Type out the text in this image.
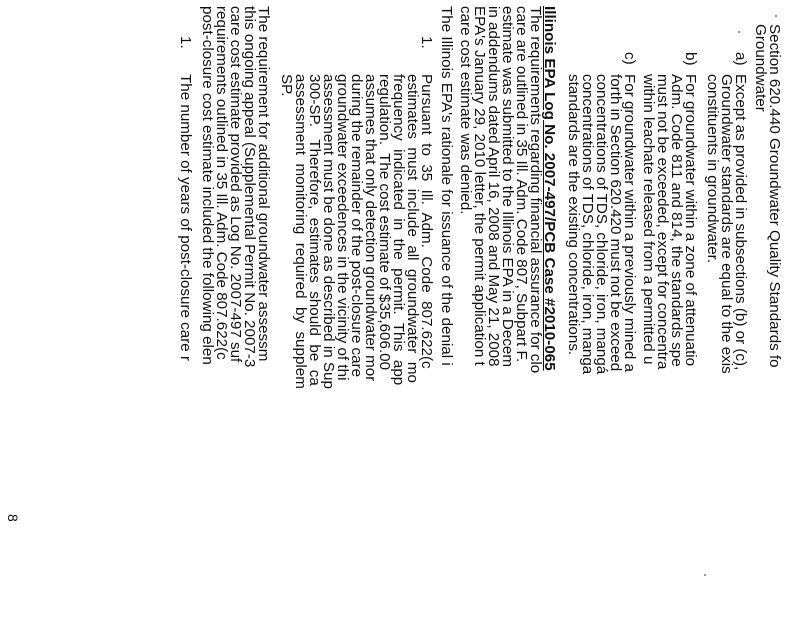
Section 620.440 Groundwater Quality Standards fo
Groundwater
a)
Except as provided in subsections (b) or (c),
Groundwater standards are equal to the exis
constituents in groundwater.
b)
For groundwater within a zone of attenuatio
Adm. Code 811 and 814, the standards spe
must not be exceeded, except for concentra
within leachate released from a permitted u
c)
For groundwater within a previously mined a
forth in Section 620.420 must not be exceed
concentrations of TDS, chloride, iron, mangá
concentrations of TDS, chloride, iron, manga
standards are the existing concentrations.
Illinois EPA Log No. 2007-497/PCB Case #2010-065
The requirements regarding financial assurance for clo
care are outlined in 35 Ill. Adm. Code 807, Subpart F.
estimate was submitted to the Illinois EPA in a Decem
in addendums dated April 16, 2008 and May 21, 2008
EPA's January 29, 2010 letter, the permit application t
care cost estimate was denied.
The Illinois EPA's rationale for issuance of the denial i
1.
Pursuant  to  35  Ill.  Adm.  Code  807.622(c
estimates  must  include  all  groundwater  mo
frequency  indicated  in  the  permit.  This  app
regulation.  The cost estimate of $35,606.00
assumes that only detection groundwater mor
during the remainder of the post-closure care
groundwater exceedences in the vicinity of thi
assessment must be done as described in Sup
300-SP.   Therefore,  estimates  should  be  ca
assessment  monitoring  required  by  supplem
SP.
The requirement for additional groundwater assessm
this ongoing appeal (Supplemental Permit No. 2007-3
care cost estimate provided as Log No. 2007-497 suf
requirements outlined in 35 Ill. Adm. Code 807.622(c
post-closure cost estimate included the following elen
1.
The number of years of post-closure care r
8
